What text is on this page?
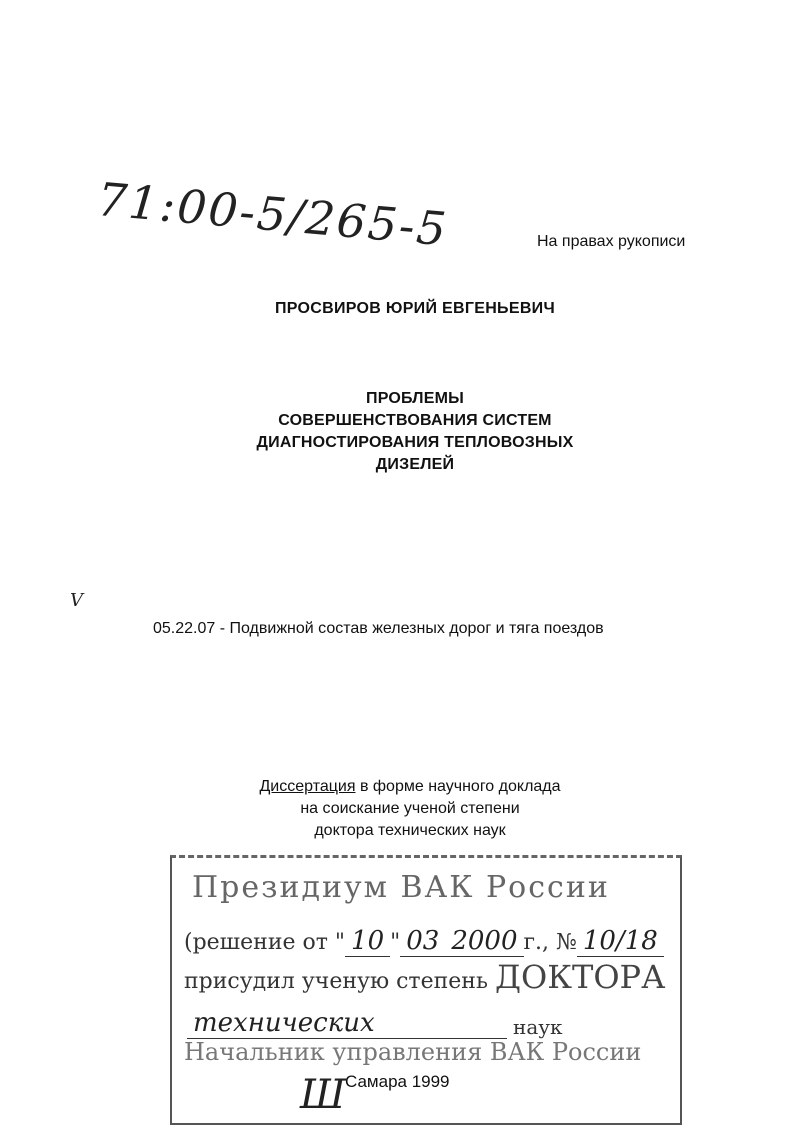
71:00-5/265-5	На правах рукописи
ПРОСВИРОВ ЮРИЙ ЕВГЕНЬЕВИЧ
ПРОБЛЕМЫ
СОВЕРШЕНСТВОВАНИЯ СИСТЕМ
ДИАГНОСТИРОВАНИЯ ТЕПЛОВОЗНЫХ
ДИЗЕЛЕЙ
V
05.22.07 - Подвижной состав железных дорог и тяга поездов
Диссертация в форме научного доклада
на соискание ученой степени
доктора технических наук
Президиум ВАК России
(решение от " 10 " 03 2000 г., № 10/18
присудил ученую степень ДОКТОРА
технических	наук
Начальник управления ВАК России
Ш Самара 1999
